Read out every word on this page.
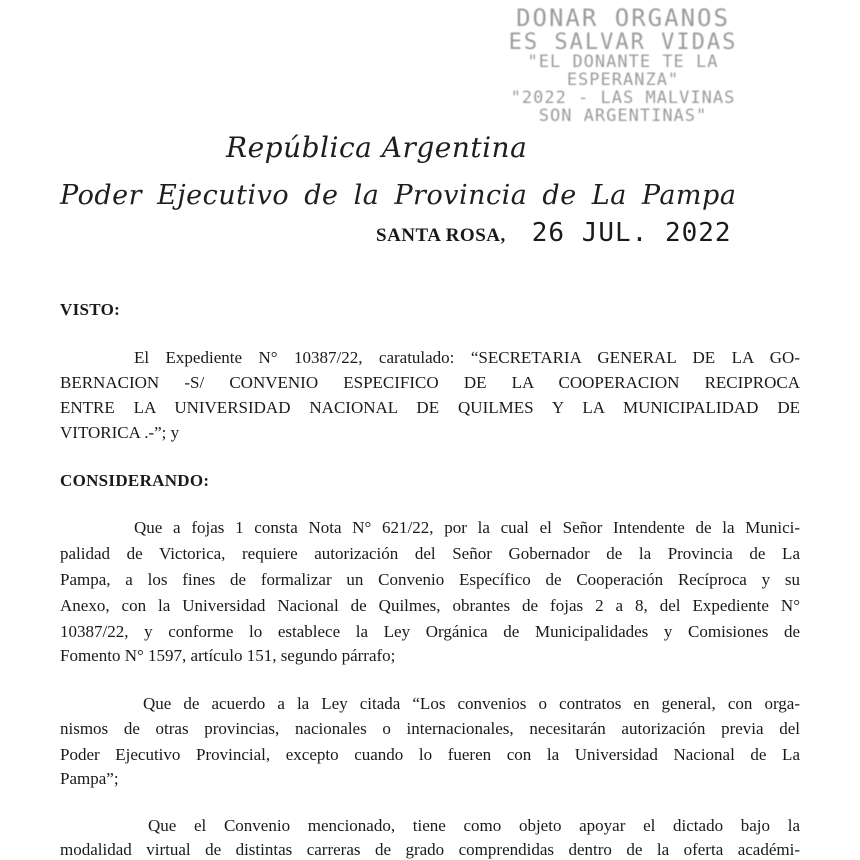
DONAR ORGANOS
ES SALVAR VIDAS
"EL DONANTE TE LA
ESPERANZA"
"2022 - LAS MALVINAS
SON ARGENTINAS"
República Argentina
Poder Ejecutivo de la Provincia de La Pampa
SANTA ROSA, 26 JUL. 2022
VISTO:
El Expediente N° 10387/22, caratulado: “SECRETARIA GENERAL DE LA GO-
BERNACION -S/ CONVENIO ESPECIFICO DE LA COOPERACION RECIPROCA
ENTRE LA UNIVERSIDAD NACIONAL DE QUILMES Y LA MUNICIPALIDAD DE
VITORICA .-”; y
CONSIDERANDO:
Que a fojas 1 consta Nota N° 621/22, por la cual el Señor Intendente de la Munici-
palidad de Victorica, requiere autorización del Señor Gobernador de la Provincia de La
Pampa, a los fines de formalizar un Convenio Específico de Cooperación Recíproca y su
Anexo, con la Universidad Nacional de Quilmes, obrantes de fojas 2 a 8, del Expediente N°
10387/22, y conforme lo establece la Ley Orgánica de Municipalidades y Comisiones de
Fomento N° 1597, artículo 151, segundo párrafo;
Que de acuerdo a la Ley citada “Los convenios o contratos en general, con orga-
nismos de otras provincias, nacionales o internacionales, necesitarán autorización previa del
Poder Ejecutivo Provincial, excepto cuando lo fueren con la Universidad Nacional de La
Pampa”;
Que el Convenio mencionado, tiene como objeto apoyar el dictado bajo la
modalidad virtual de distintas carreras de grado comprendidas dentro de la oferta académi-
